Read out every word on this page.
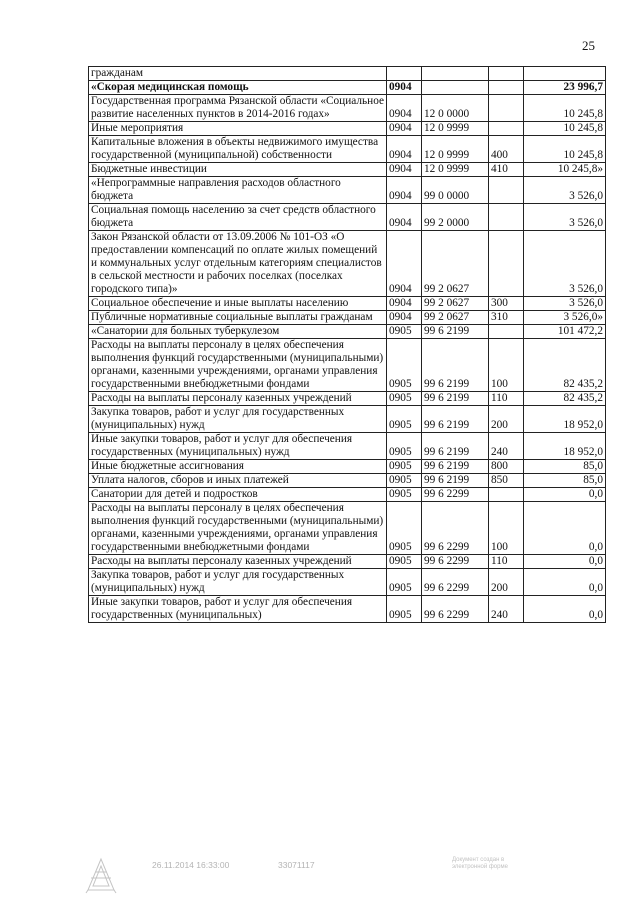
25
гражданам				
«Скорая медицинская помощь	0904			23 996,7
Государственная программа Рязанской области «Социальное развитие населенных пунктов в 2014-2016 годах»	0904	12 0 0000		10 245,8
Иные мероприятия	0904	12 0 9999		10 245,8
Капитальные вложения в объекты недвижимого имущества государственной (муниципальной) собственности	0904	12 0 9999	400	10 245,8
Бюджетные инвестиции	0904	12 0 9999	410	10 245,8»
«Непрограммные направления расходов областного бюджета	0904	99 0 0000		3 526,0
Социальная помощь населению за счет средств областного бюджета	0904	99 2 0000		3 526,0
Закон Рязанской области от 13.09.2006 № 101-ОЗ «О предоставлении компенсаций по оплате жилых помещений и коммунальных услуг отдельным категориям специалистов в сельской местности и рабочих поселках (поселках городского типа)»	0904	99 2 0627		3 526,0
Социальное обеспечение и иные выплаты населению	0904	99 2 0627	300	3 526,0
Публичные нормативные социальные выплаты гражданам	0904	99 2 0627	310	3 526,0»
«Санатории для больных туберкулезом	0905	99 6 2199		101 472,2
Расходы на выплаты персоналу в целях обеспечения выполнения функций государственными (муниципальными) органами, казенными учреждениями, органами управления государственными внебюджетными фондами	0905	99 6 2199	100	82 435,2
Расходы на выплаты персоналу казенных учреждений	0905	99 6 2199	110	82 435,2
Закупка товаров, работ и услуг для государственных (муниципальных) нужд	0905	99 6 2199	200	18 952,0
Иные закупки товаров, работ и услуг для обеспечения государственных (муниципальных) нужд	0905	99 6 2199	240	18 952,0
Иные бюджетные ассигнования	0905	99 6 2199	800	85,0
Уплата налогов, сборов и иных платежей	0905	99 6 2199	850	85,0
Санатории для детей и подростков	0905	99 6 2299		0,0
Расходы на выплаты персоналу в целях обеспечения выполнения функций государственными (муниципальными) органами, казенными учреждениями, органами управления государственными внебюджетными фондами	0905	99 6 2299	100	0,0
Расходы на выплаты персоналу казенных учреждений	0905	99 6 2299	110	0,0
Закупка товаров, работ и услуг для государственных (муниципальных) нужд	0905	99 6 2299	200	0,0
Иные закупки товаров, работ и услуг для обеспечения государственных (муниципальных)	0905	99 6 2299	240	0,0
26.11.2014 16:33:00	33071117	Документ создан в электронной форме
